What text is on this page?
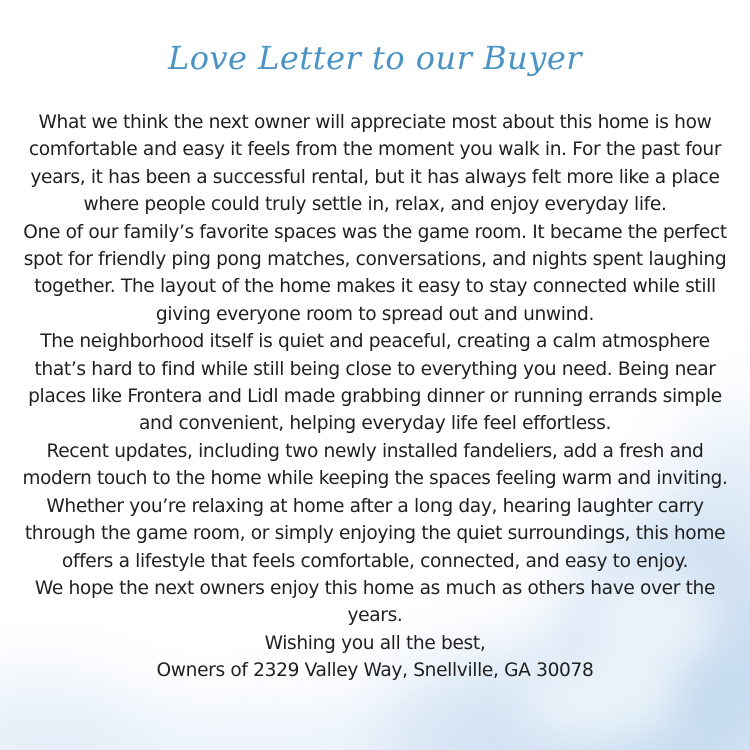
Love Letter to our Buyer
What we think the next owner will appreciate most about this home is how
comfortable and easy it feels from the moment you walk in. For the past four
years, it has been a successful rental, but it has always felt more like a place
where people could truly settle in, relax, and enjoy everyday life.
One of our family’s favorite spaces was the game room. It became the perfect
spot for friendly ping pong matches, conversations, and nights spent laughing
together. The layout of the home makes it easy to stay connected while still
giving everyone room to spread out and unwind.
The neighborhood itself is quiet and peaceful, creating a calm atmosphere
that’s hard to find while still being close to everything you need. Being near
places like Frontera and Lidl made grabbing dinner or running errands simple
and convenient, helping everyday life feel effortless.
Recent updates, including two newly installed fandeliers, add a fresh and
modern touch to the home while keeping the spaces feeling warm and inviting.
Whether you’re relaxing at home after a long day, hearing laughter carry
through the game room, or simply enjoying the quiet surroundings, this home
offers a lifestyle that feels comfortable, connected, and easy to enjoy.
We hope the next owners enjoy this home as much as others have over the
years.
Wishing you all the best,
Owners of 2329 Valley Way, Snellville, GA 30078
